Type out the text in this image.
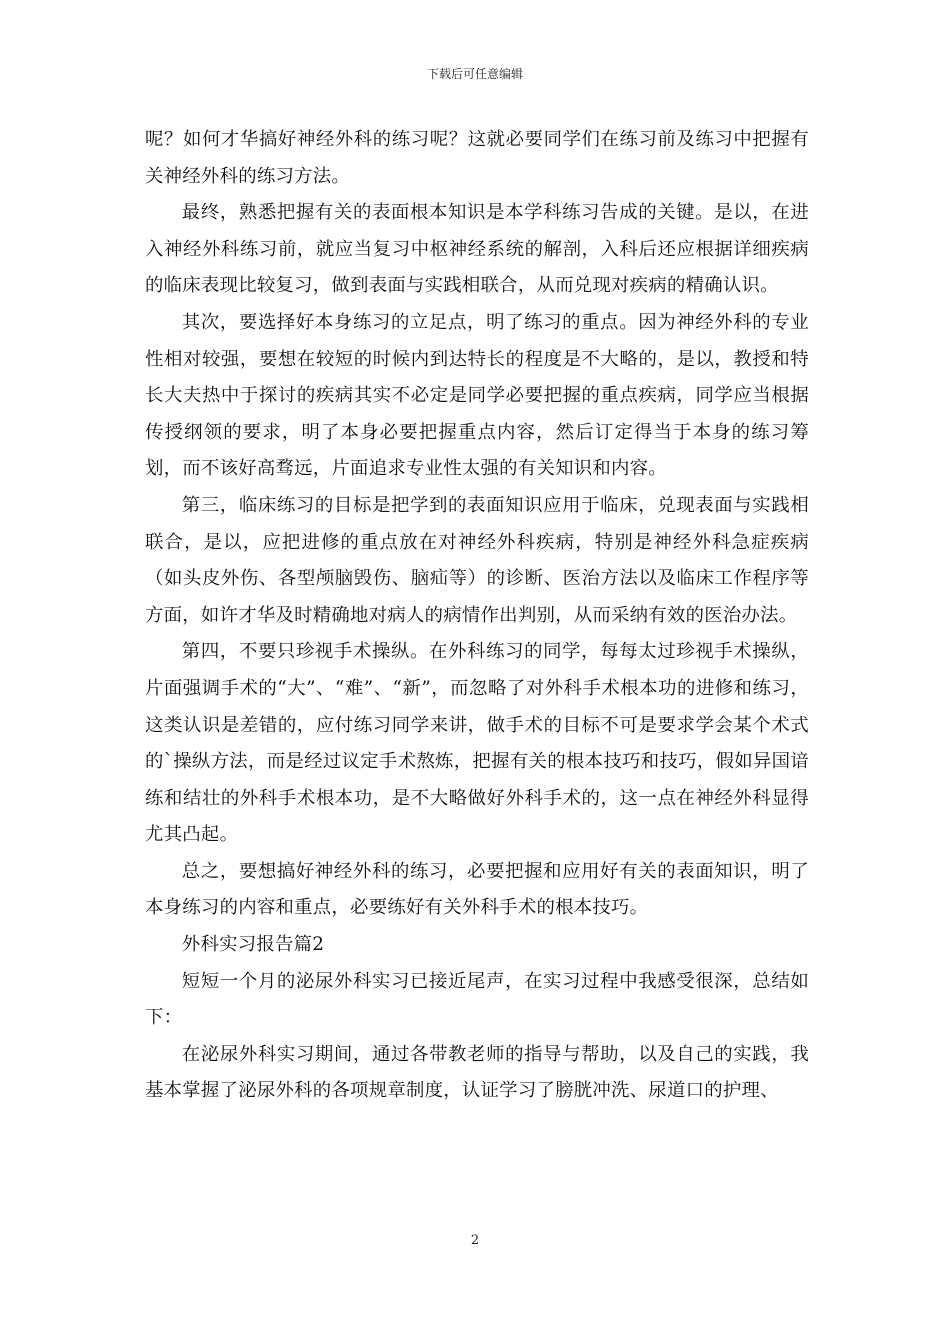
下载后可任意编辑

呢？如何才华搞好神经外科的练习呢？这就必要同学们在练习前及练习中把握有关神经外科的练习方法。

最终，熟悉把握有关的表面根本知识是本学科练习告成的关键。是以，在进入神经外科练习前，就应当复习中枢神经系统的解剖，入科后还应根据详细疾病的临床表现比较复习，做到表面与实践相联合，从而兑现对疾病的精确认识。

其次，要选择好本身练习的立足点，明了练习的重点。因为神经外科的专业性相对较强，要想在较短的时候内到达特长的程度是不大略的，是以，教授和特长大夫热中于探讨的疾病其实不必定是同学必要把握的重点疾病，同学应当根据传授纲领的要求，明了本身必要把握重点内容，然后订定得当于本身的练习筹划，而不该好高骛远，片面追求专业性太强的有关知识和内容。

第三，临床练习的目标是把学到的表面知识应用于临床，兑现表面与实践相联合，是以，应把进修的重点放在对神经外科疾病，特别是神经外科急症疾病（如头皮外伤、各型颅脑毁伤、脑疝等）的诊断、医治方法以及临床工作程序等方面，如许才华及时精确地对病人的病情作出判别，从而采纳有效的医治办法。

第四，不要只珍视手术操纵。在外科练习的同学，每每太过珍视手术操纵，片面强调手术的“大”、“难”、“新”，而忽略了对外科手术根本功的进修和练习，这类认识是差错的，应付练习同学来讲，做手术的目标不可是要求学会某个术式的`操纵方法，而是经过议定手术熬炼，把握有关的根本技巧和技巧，假如异国谙练和结壮的外科手术根本功，是不大略做好外科手术的，这一点在神经外科显得尤其凸起。

总之，要想搞好神经外科的练习，必要把握和应用好有关的表面知识，明了本身练习的内容和重点，必要练好有关外科手术的根本技巧。

外科实习报告篇2

短短一个月的泌尿外科实习已接近尾声，在实习过程中我感受很深，总结如下：

在泌尿外科实习期间，通过各带教老师的指导与帮助，以及自己的实践，我基本掌握了泌尿外科的各项规章制度，认证学习了膀胱冲洗、尿道口的护理、

2
